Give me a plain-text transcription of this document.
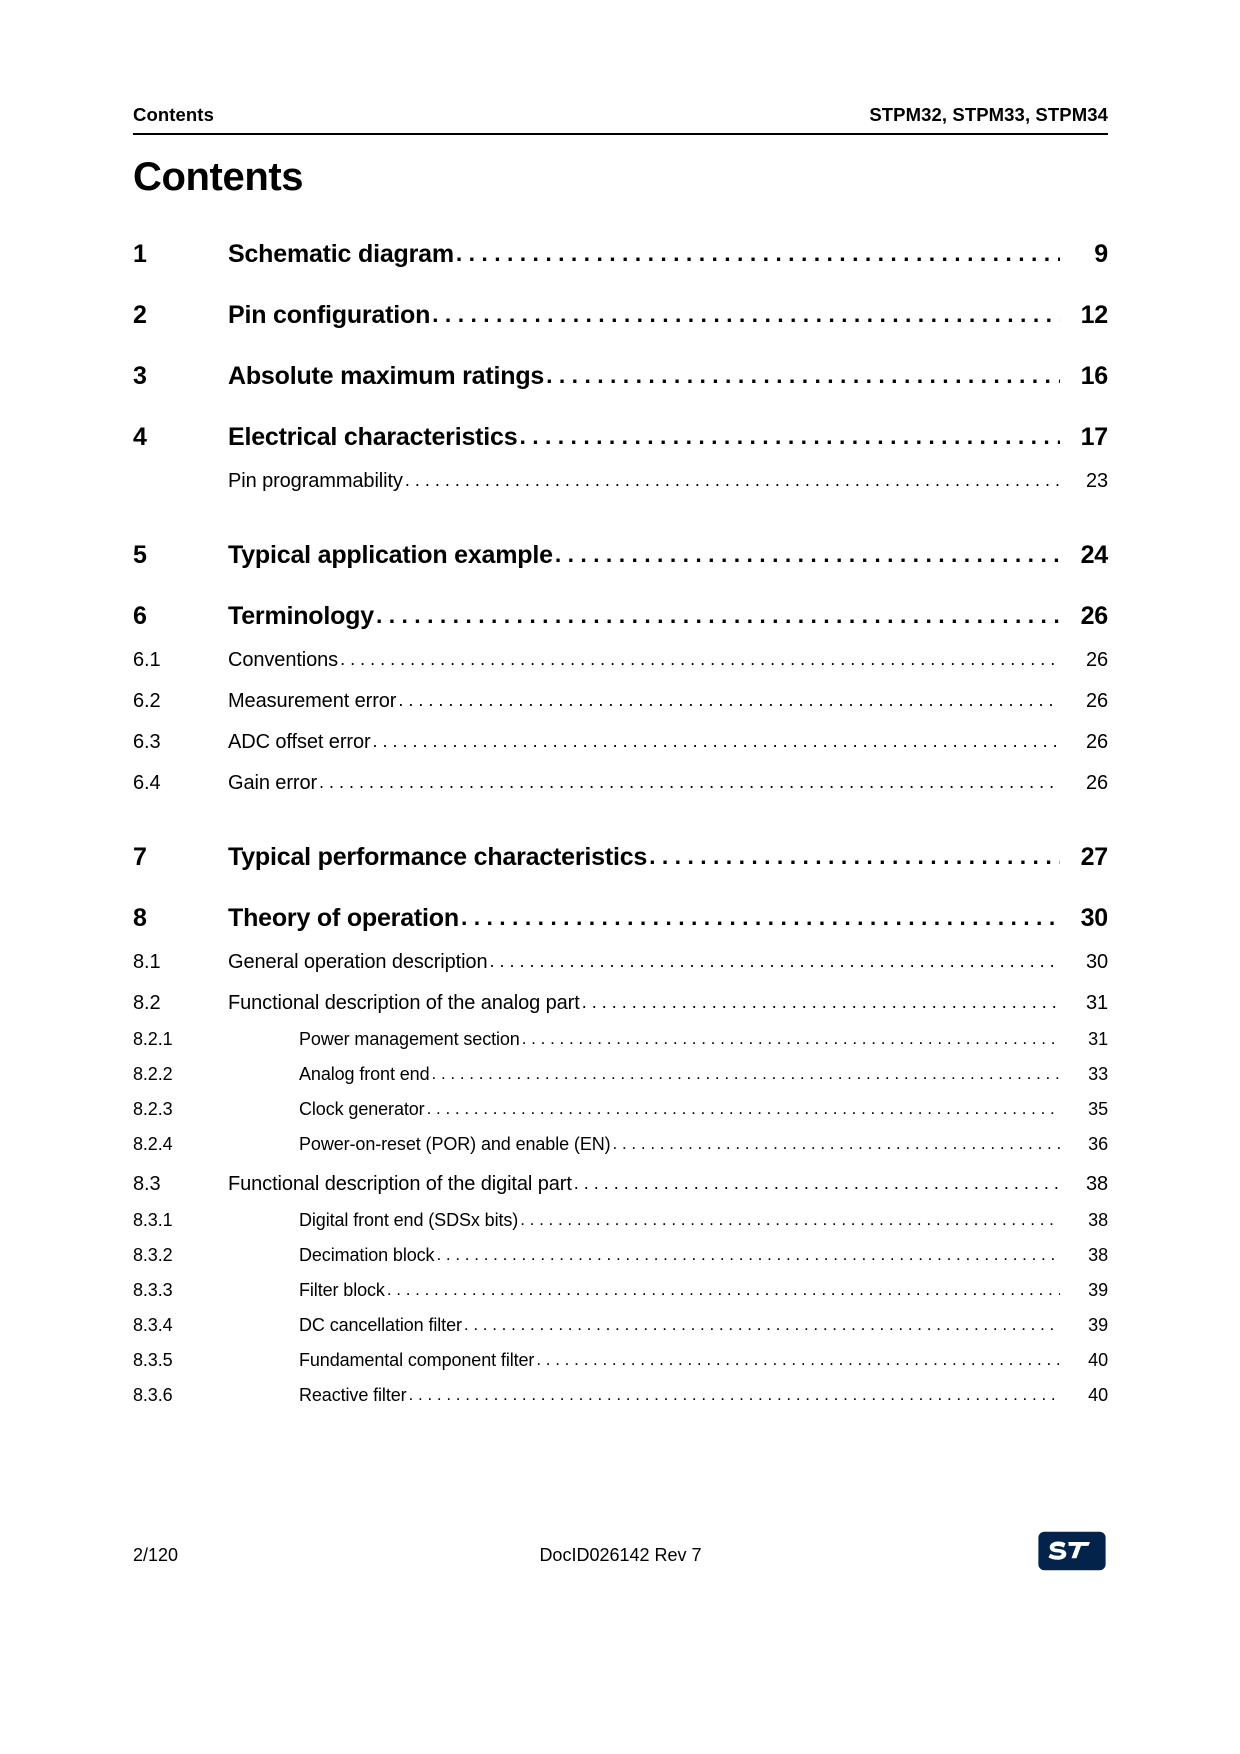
Contents	STPM32, STPM33, STPM34
Contents
1	Schematic diagram . . .	9
2	Pin configuration . . .	12
3	Absolute maximum ratings . . .	16
4	Electrical characteristics . . .	17
Pin programmability . . .	23
5	Typical application example . . .	24
6	Terminology . . .	26
6.1	Conventions . . .	26
6.2	Measurement error . . .	26
6.3	ADC offset error . . .	26
6.4	Gain error . . .	26
7	Typical performance characteristics . . .	27
8	Theory of operation . . .	30
8.1	General operation description . . .	30
8.2	Functional description of the analog part . . .	31
8.2.1	Power management section . . .	31
8.2.2	Analog front end . . .	33
8.2.3	Clock generator . . .	35
8.2.4	Power-on-reset (POR) and enable (EN) . . .	36
8.3	Functional description of the digital part . . .	38
8.3.1	Digital front end (SDSx bits) . . .	38
8.3.2	Decimation block . . .	38
8.3.3	Filter block . . .	39
8.3.4	DC cancellation filter . . .	39
8.3.5	Fundamental component filter . . .	40
8.3.6	Reactive filter . . .	40
DocID026142 Rev 7
2/120
